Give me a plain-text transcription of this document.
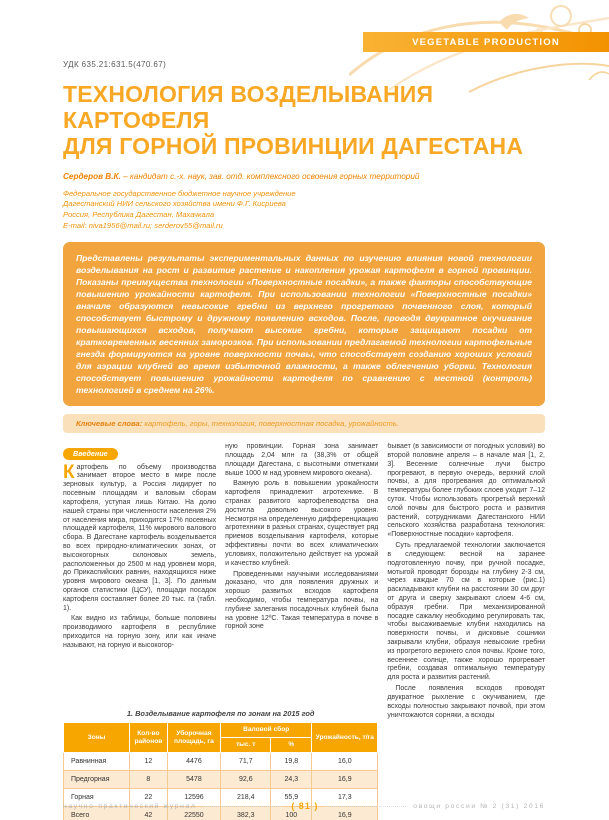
VEGETABLE PRODUCTION
УДК 635.21:631.5(470.67)
ТЕХНОЛОГИЯ ВОЗДЕЛЫВАНИЯ КАРТОФЕЛЯ
ДЛЯ ГОРНОЙ ПРОВИНЦИИ ДАГЕСТАНА

Сердеров В.К. – кандидат с.-х. наук, зав. отд. комплексного освоения горных территорий

Федеральное государственное бюджетное научное учреждение
Дагестанский НИИ сельского хозяйства имени Ф.Г. Кисриева
Россия, Республика Дагестан, Махачкала
E-mail: niva1956@mail.ru; serderov55@mail.ru
Представлены результаты экспериментальных данных по изучению влияния новой технологии возделывания на рост и развитие растение и накопления урожая картофеля в горной провинции. Показаны преимущества технологии «Поверхностные посадки», а также факторы способствующие повышению урожайности картофеля. При использовании технологии «Поверхностные посадки» вначале образуются невысокие гребни из верхнего прогретого почвенного слоя, который способствует быстрому и дружному появлению всходов. После, проводя двукратное окучивание повышающихся всходов, получают высокие гребни, которые защищают посадки от кратковременных весенних заморозков. При использовании предлагаемой технологии картофельные гнезда формируются на уровне поверхности почвы, что способствует созданию хороших условий для аэрации клубней во время избыточной влажности, а также облегчению уборки. Технология способствует повышению урожайности картофеля по сравнению с местной (контроль) технологией в среднем на 26%.
Ключевые слова: картофель, горы, технология, поверхностная посадка, урожайность.
Введение

Картофель по объему производства занимает второе место в мире после зерновых культур, а Россия лидирует по посевным площадям и валовым сборам картофеля, уступая лишь Китаю. На долю нашей страны при численности населения 2% от населения мира, приходится 17% посевных площадей картофеля, 11% мирового валового сбора. В Дагестане картофель возделывается во всех природно-климатических зонах, от высокогорных склоновых земель, расположенных до 2500 м над уровнем моря, до Прикаспийских равнин, находящихся ниже уровня мирового океана [1, 3]. По данным органов статистики (ЦСУ), площади посадок картофеля составляет более 20 тыс. га (табл. 1).

Как видно из таблицы, больше половины производимого картофеля в республике приходится на горную зону, или как иначе называют, на горную и высокогор-

ную провинции. Горная зона занимает площадь 2,04 млн га (38,3% от общей площади Дагестана, с высотными отметками выше 1000 м над уровнем мирового океана).

Важную роль в повышении урожайности картофеля принадлежит агротехнике. В странах развитого картофелеводства она достигла довольно высокого уровня. Несмотря на определенную дифференциацию агротехники в разных странах, существует ряд приемов возделывания картофеля, которые эффективны почти во всех климатических условиях, положительно действует на урожай и качество клубней.

Проведенными научными исследованиями доказано, что для появления дружных и хорошо развитых всходов картофеля необходимо, чтобы температура почвы, на глубине залегания посадочных клубней была на уровне 12ºС. Такая температура в почве в горной зоне

1. Возделывание картофеля по зонам на 2015 год
Зоны	Кол-во районов	Уборочная площадь, га	Валовой сбор		Урожайность, т/га
			тыс. т	%	
Равнинная	12	4476	71,7	19,8	16,0
Предгорная	8	5478	92,6	24,3	16,9
Горная	22	12596	218,4	55,9	17,3
Всего	42	22550	382,3	100	16,9

бывает (в зависимости от погодных условий) во второй половине апреля – в начале мая [1, 2, 3]. Весенние солнечные лучи быстро прогревают, в первую очередь, верхний слой почвы, а для прогревания до оптимальной температуры более глубоких слоев уходит 7–12 суток. Чтобы использовать прогретый верхний слой почвы для быстрого роста и развития растений, сотрудниками Дагестанского НИИ сельского хозяйства разработана технология: «Поверхностные посадки» картофеля.

Суть предлагаемой технологии заключается в следующем: весной на заранее подготовленную почву, при ручной посадке, мотыгой проводят борозды на глубину 2-3 см, через каждые 70 см в которые (рис.1) раскладывают клубни на расстоянии 30 см друг от друга и сверху закрывают слоем 4-6 см, образуя гребни. При механизированной посадке сажалку необходимо регулировать так, чтобы высаживаемые клубни находились на поверхности почвы, и дисковые сошники закрывали клубни, образуя невысокие гребни из прогретого верхнего слоя почвы. Кроме того, весеннее солнце, также хорошо прогревает гребни, создавая оптимальную температуру для роста и развития растений.

После появления всходов проводят двукратное рыхление с окучиванием, где всходы полностью закрывают почвой, при этом уничтожаются сорняки, а всходы

научно-практический журнал	( 81 )	овощи россии № 2 (31) 2016
